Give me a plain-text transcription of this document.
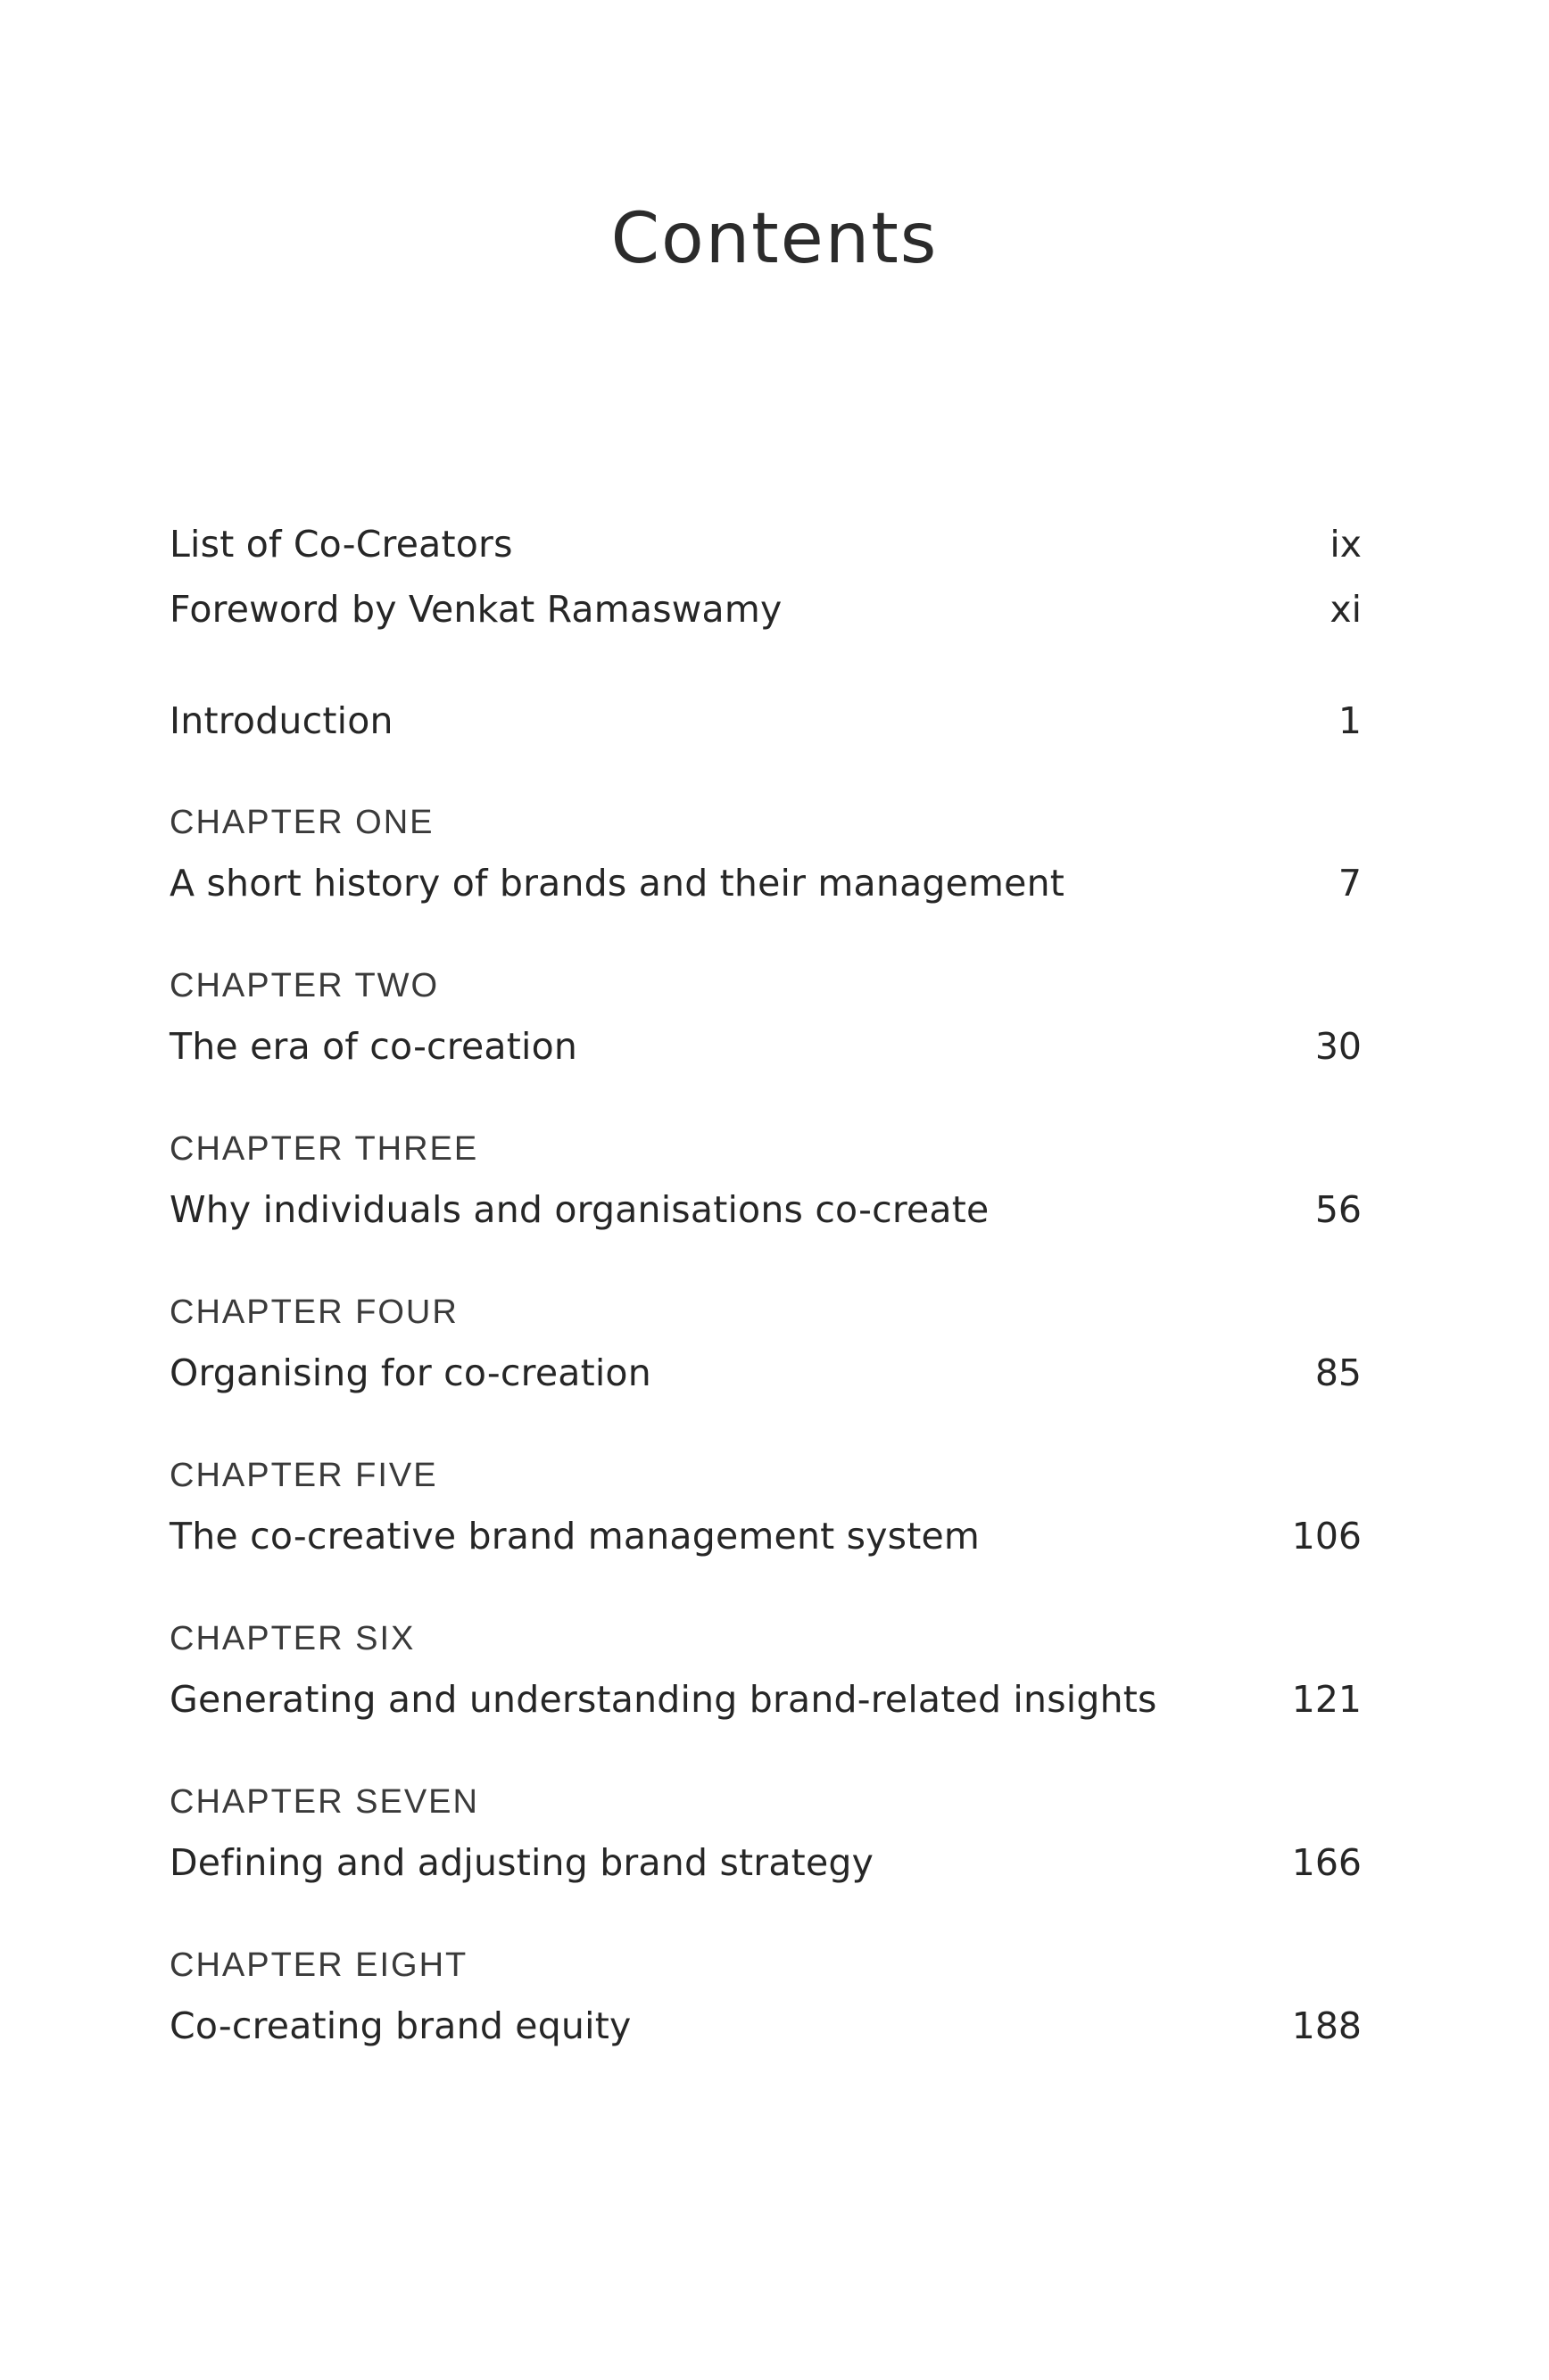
Contents
List of Co-Creators	ix
Foreword by Venkat Ramaswamy	xi
Introduction	1
CHAPTER ONE
A short history of brands and their management	7
CHAPTER TWO
The era of co-creation	30
CHAPTER THREE
Why individuals and organisations co-create	56
CHAPTER FOUR
Organising for co-creation	85
CHAPTER FIVE
The co-creative brand management system	106
CHAPTER SIX
Generating and understanding brand-related insights	121
CHAPTER SEVEN
Defining and adjusting brand strategy	166
CHAPTER EIGHT
Co-creating brand equity	188
